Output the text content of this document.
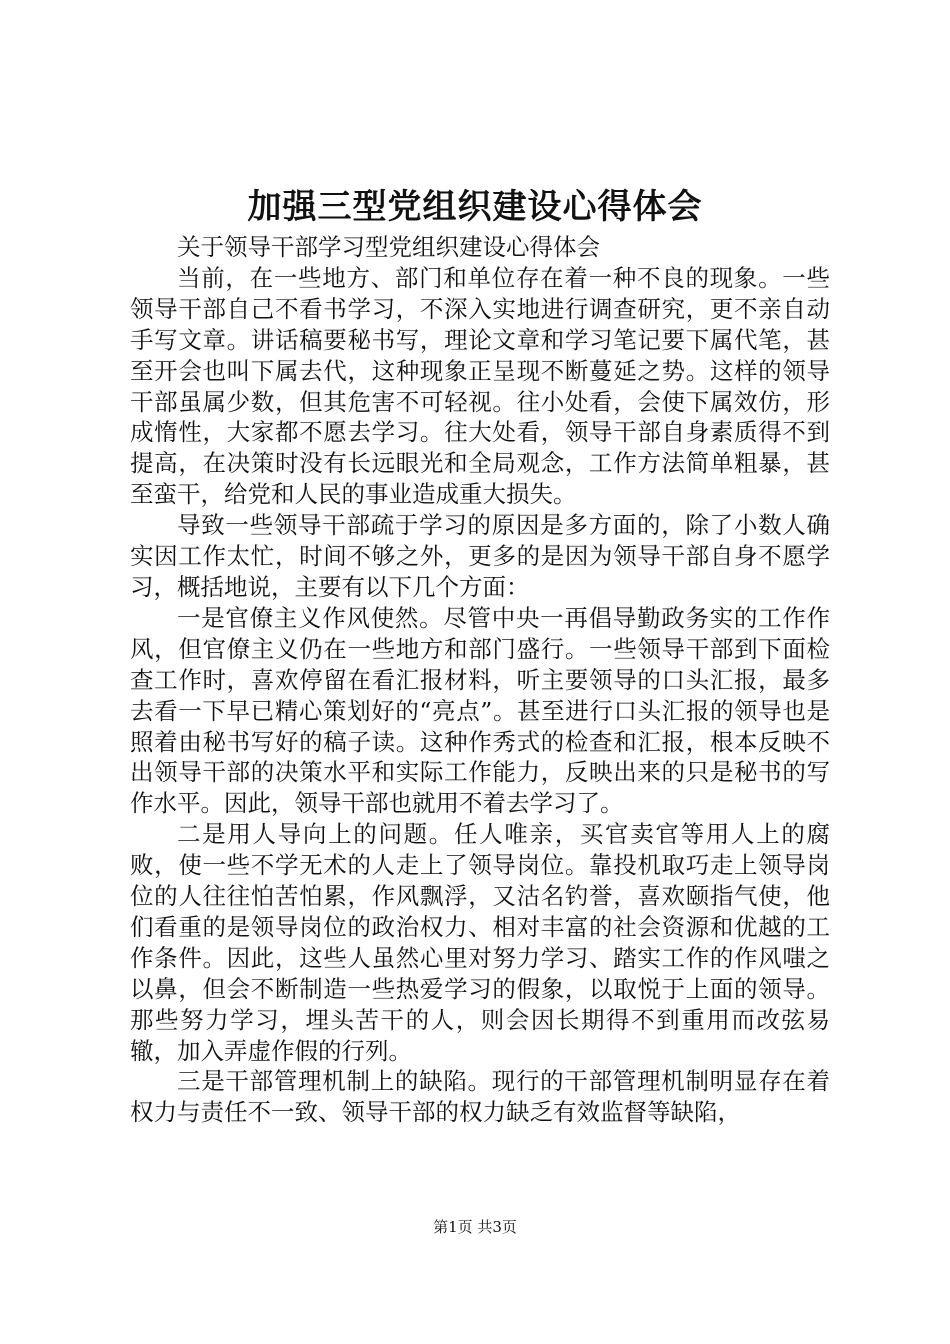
加强三型党组织建设心得体会

关于领导干部学习型党组织建设心得体会

当前，在一些地方、部门和单位存在着一种不良的现象。一些领导干部自己不看书学习，不深入实地进行调查研究，更不亲自动手写文章。讲话稿要秘书写，理论文章和学习笔记要下属代笔，甚至开会也叫下属去代，这种现象正呈现不断蔓延之势。这样的领导干部虽属少数，但其危害不可轻视。往小处看，会使下属效仿，形成惰性，大家都不愿去学习。往大处看，领导干部自身素质得不到提高，在决策时没有长远眼光和全局观念，工作方法简单粗暴，甚至蛮干，给党和人民的事业造成重大损失。

导致一些领导干部疏于学习的原因是多方面的，除了小数人确实因工作太忙，时间不够之外，更多的是因为领导干部自身不愿学习，概括地说，主要有以下几个方面：

一是官僚主义作风使然。尽管中央一再倡导勤政务实的工作作风，但官僚主义仍在一些地方和部门盛行。一些领导干部到下面检查工作时，喜欢停留在看汇报材料，听主要领导的口头汇报，最多去看一下早已精心策划好的“亮点”。甚至进行口头汇报的领导也是照着由秘书写好的稿子读。这种作秀式的检查和汇报，根本反映不出领导干部的决策水平和实际工作能力，反映出来的只是秘书的写作水平。因此，领导干部也就用不着去学习了。

二是用人导向上的问题。任人唯亲，买官卖官等用人上的腐败，使一些不学无术的人走上了领导岗位。靠投机取巧走上领导岗位的人往往怕苦怕累，作风飘浮，又沽名钓誉，喜欢颐指气使，他们看重的是领导岗位的政治权力、相对丰富的社会资源和优越的工作条件。因此，这些人虽然心里对努力学习、踏实工作的作风嗤之以鼻，但会不断制造一些热爱学习的假象，以取悦于上面的领导。那些努力学习，埋头苦干的人，则会因长期得不到重用而改弦易辙，加入弄虚作假的行列。

三是干部管理机制上的缺陷。现行的干部管理机制明显存在着权力与责任不一致、领导干部的权力缺乏有效监督等缺陷，

第1页 共3页
